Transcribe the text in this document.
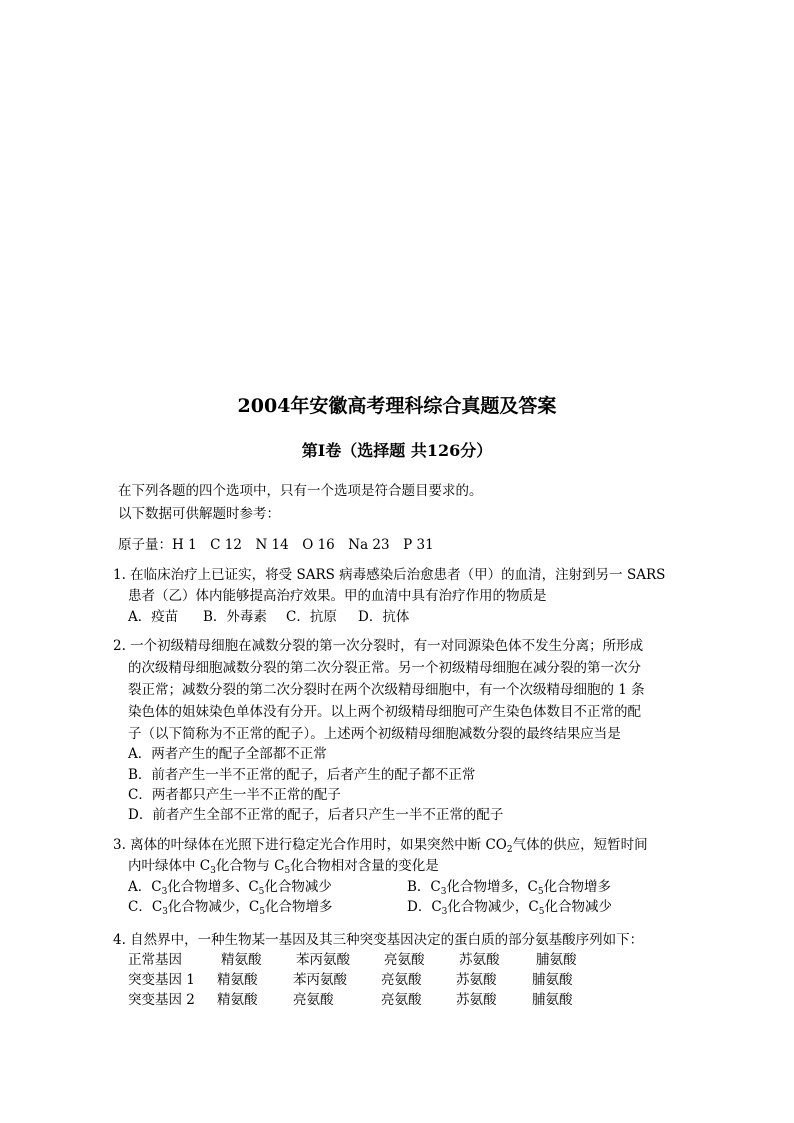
2004年安徽高考理科综合真题及答案
第I卷（选择题 共126分）
在下列各题的四个选项中，只有一个选项是符合题目要求的。
以下数据可供解题时参考：
原子量：H 1　C 12　N 14　O 16　Na 23　P 31
1. 在临床治疗上已证实，将受 SARS 病毒感染后治愈患者（甲）的血清，注射到另一 SARS
患者（乙）体内能够提高治疗效果。甲的血清中具有治疗作用的物质是
A．疫苗 B．外毒素 C．抗原 D．抗体
2. 一个初级精母细胞在减数分裂的第一次分裂时，有一对同源染色体不发生分离；所形成
的次级精母细胞减数分裂的第二次分裂正常。另一个初级精母细胞在减分裂的第一次分
裂正常；减数分裂的第二次分裂时在两个次级精母细胞中，有一个次级精母细胞的 1 条
染色体的姐妹染色单体没有分开。以上两个初级精母细胞可产生染色体数目不正常的配
子（以下简称为不正常的配子）。上述两个初级精母细胞减数分裂的最终结果应当是
A．两者产生的配子全部都不正常
B．前者产生一半不正常的配子，后者产生的配子都不正常
C．两者都只产生一半不正常的配子
D．前者产生全部不正常的配子，后者只产生一半不正常的配子
3. 离体的叶绿体在光照下进行稳定光合作用时，如果突然中断 $CO_2$气体的供应，短暂时间
内叶绿体中 $C_3$化合物与 $C_5$化合物相对含量的变化是
A．$C_3$化合物增多、$C_5$化合物减少	B．$C_3$化合物增多，$C_5$化合物增多
C．$C_3$化合物减少，$C_5$化合物增多	D．$C_3$化合物减少，$C_5$化合物减少
4. 自然界中，一种生物某一基因及其三种突变基因决定的蛋白质的部分氨基酸序列如下：
正常基因	精氨酸	苯丙氨酸	亮氨酸	苏氨酸	脯氨酸
突变基因 1 精氨酸	苯丙氨酸	亮氨酸	苏氨酸	脯氨酸
突变基因 2 精氨酸	亮氨酸	亮氨酸	苏氨酸	脯氨酸
